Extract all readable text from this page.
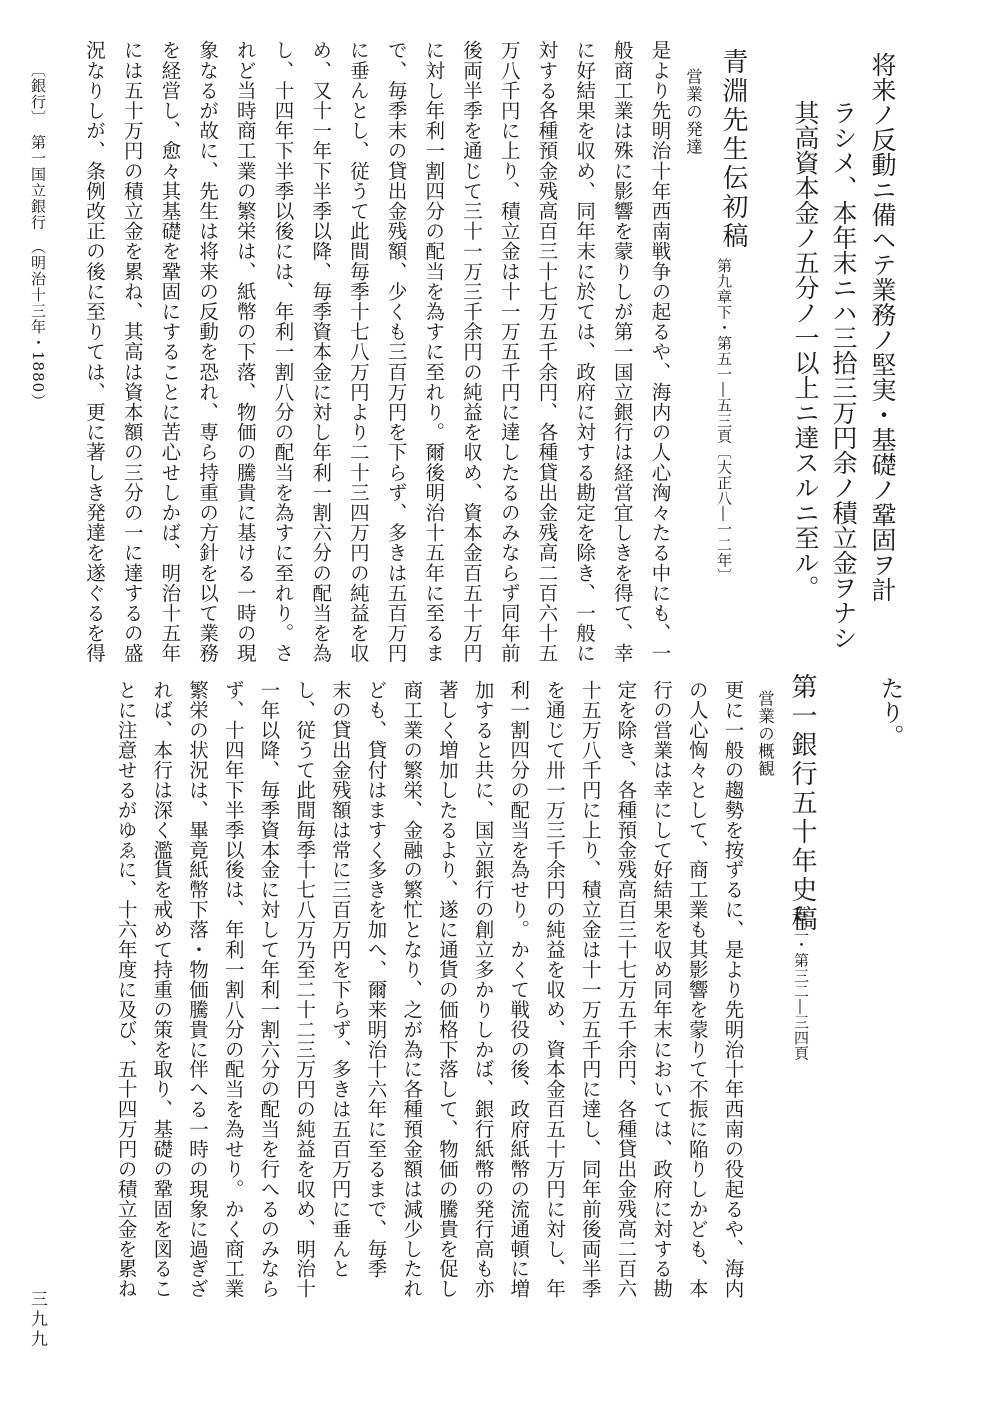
将来ノ反動ニ備ヘテ業務ノ堅実・基礎ノ鞏固ヲ計

ラシメ、本年末ニハ三拾三万円余ノ積立金ヲナシ

其高資本金ノ五分ノ一以上ニ達スルニ至ル。

青淵先生伝初稿

第九章下・第五一―五三頁〔大正八―一二年〕

営業の発達

是より先明治十年西南戦争の起るや、海内の人心洶々たる中にも、一

般商工業は殊に影響を蒙りしが第一国立銀行は経営宜しきを得て、幸

に好結果を収め、同年末に於ては、政府に対する勘定を除き、一般に

対する各種預金残高百三十七万五千余円、各種貸出金残高二百六十五

万八千円に上り、積立金は十一万五千円に達したるのみならず同年前

後両半季を通じて三十一万三千余円の純益を収め、資本金百五十万円

に対し年利一割四分の配当を為すに至れり。爾後明治十五年に至るま

で、毎季末の貸出金残額、少くも三百万円を下らず、多きは五百万円

に垂んとし、従うて此間毎季十七八万円より二十三四万円の純益を収

め、又十一年下半季以降、毎季資本金に対し年利一割六分の配当を為

し、十四年下半季以後には、年利一割八分の配当を為すに至れり。さ

れど当時商工業の繁栄は、紙幣の下落、物価の騰貴に基ける一時の現

象なるが故に、先生は将来の反動を恐れ、専ら持重の方針を以て業務

を経営し、愈々其基礎を鞏固にすることに苦心せしかば、明治十五年

には五十万円の積立金を累ね、其高は資本額の三分の一に達するの盛

況なりしが、条例改正の後に至りては、更に著しき発達を遂ぐるを得

たり。

第一銀行五十年史稿

巻三・第三二―三四頁

営業の概観

更に一般の趨勢を按ずるに、是より先明治十年西南の役起るや、海内

の人心恟々として、商工業も其影響を蒙りて不振に陥りしかども、本

行の営業は幸にして好結果を収め同年末においては、政府に対する勘

定を除き、各種預金残高百三十七万五千余円、各種貸出金残高二百六

十五万八千円に上り、積立金は十一万五千円に達し、同年前後両半季

を通じて卅一万三千余円の純益を収め、資本金百五十万円に対し、年

利一割四分の配当を為せり。かくて戦役の後、政府紙幣の流通頓に増

加すると共に、国立銀行の創立多かりしかば、銀行紙幣の発行高も亦

著しく増加したるより、遂に通貨の価格下落して、物価の騰貴を促し

商工業の繁栄、金融の繁忙となり、之が為に各種預金額は減少したれ

ども、貸付はますく多きを加へ、爾来明治十六年に至るまで、毎季

末の貸出金残額は常に三百万円を下らず、多きは五百万円に垂んと

し、従うて此間毎季十七八万乃至二十二三万円の純益を収め、明治十

一年以降、毎季資本金に対して年利一割六分の配当を行へるのみなら

ず、十四年下半季以後は、年利一割八分の配当を為せり。かく商工業

繁栄の状況は、畢竟紙幣下落・物価騰貴に伴へる一時の現象に過ぎざ

れば、本行は深く濫貨を戒めて持重の策を取り、基礎の鞏固を図るこ

とに注意せるがゆゑに、十六年度に及び、五十四万円の積立金を累ね

〔銀行〕　第一国立銀行　（明治十三年・1880）

三九九
